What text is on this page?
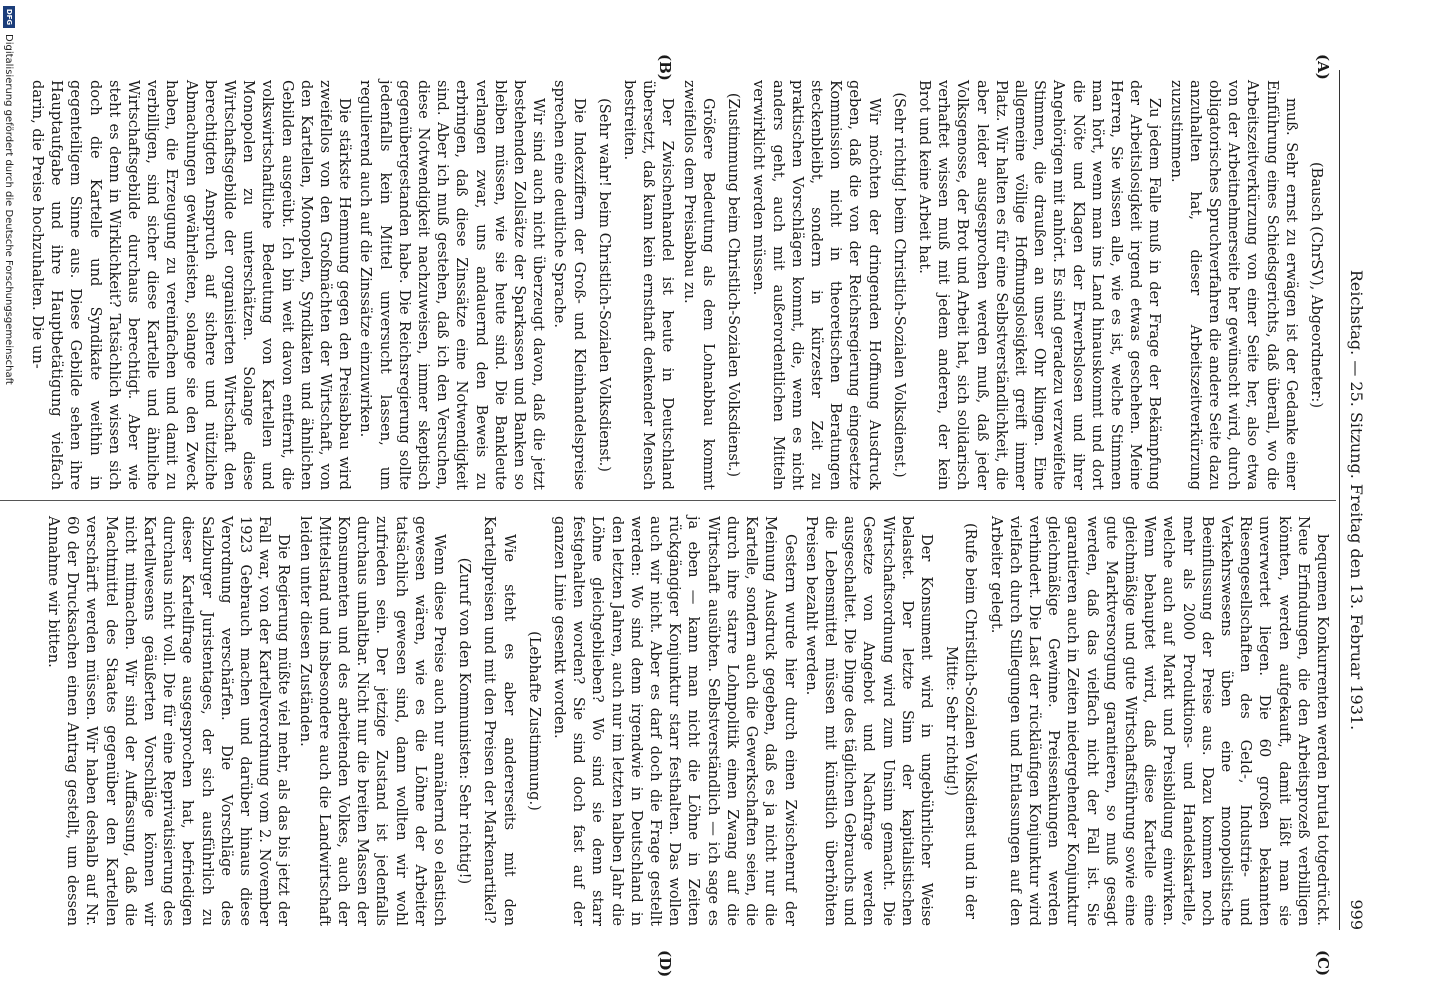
Reichstag. — 25. Sitzung. Freitag den 13. Februar 1931.
999
(A)
(B)
(C)
(D)

(Bausch (ChrSV), Abgeordneter:)

muß. Sehr ernst zu erwägen ist der Gedanke einer Einführung eines Schiedsgerichts, daß überall, wo die Arbeitszeitverkürzung von einer Seite her, also etwa von der Arbeitnehmerseite her gewünscht wird, durch obligatorisches Spruchverfahren die andere Seite dazu anzuhalten hat, dieser Arbeitszeitverkürzung zuzustimmen.

Zu jedem Falle muß in der Frage der Bekämpfung der Arbeitslosigkeit irgend etwas geschehen. Meine Herren, Sie wissen alle, wie es ist, welche Stimmen man hört, wenn man ins Land hinauskommt und dort die Nöte und Klagen der Erwerbslosen und ihrer Angehörigen mit anhört. Es sind geradezu verzweifelte Stimmen, die draußen an unser Ohr klingen. Eine allgemeine völlige Hoffnungslosigkeit greift immer Platz. Wir halten es für eine Selbstverständlichkeit, die aber leider ausgesprochen werden muß, daß jeder Volksgenosse, der Brot und Arbeit hat, sich solidarisch verhaftet wissen muß mit jedem anderen, der kein Brot und keine Arbeit hat.

(Sehr richtig! beim Christlich-Sozialen Volksdienst.)

Wir möchten der dringenden Hoffnung Ausdruck geben, daß die von der Reichsregierung eingesetzte Kommission nicht in theoretischen Beratungen steckenbleibt, sondern in kürzester Zeit zu praktischen Vorschlägen kommt, die, wenn es nicht anders geht, auch mit außerordentlichen Mitteln verwirklicht werden müssen.

(Zustimmung beim Christlich-Sozialen Volksdienst.)

Größere Bedeutung als dem Lohnabbau kommt zweifellos dem Preisabbau zu.

Der Zwischenhandel ist heute in Deutschland übersetzt, daß kann kein ernsthaft denkender Mensch bestreiten.

(Sehr wahr! beim Christlich-Sozialen Volksdienst.)

Die Indexziffern der Groß- und Kleinhandelspreise sprechen eine deutliche Sprache.

Wir sind auch nicht überzeugt davon, daß die jetzt bestehenden Zollsätze der Sparkassen und Banken so bleiben müssen, wie sie heute sind. Die Bankleute verlangen zwar, uns andauernd den Beweis zu erbringen, daß diese Zinssätze eine Notwendigkeit sind. Aber ich muß gestehen, daß ich den Versuchen, diese Notwendigkeit nachzuweisen, immer skeptisch gegenübergestanden habe. Die Reichsregierung sollte jedenfalls kein Mittel unversucht lassen, um regulierend auch auf die Zinssätze einzuwirken.

Die stärkste Hemmung gegen den Preisabbau wird zweifellos von den Großmächten der Wirtschaft, von den Kartellen, Monopolen, Syndikaten und ähnlichen Gebilden ausgeübt. Ich bin weit davon entfernt, die volkswirtschaftliche Bedeutung von Kartellen und Monopolen zu unterschätzen. Solange diese Wirtschaftsgebilde der organisierten Wirtschaft den berechtigten Anspruch auf sichere und nützliche Abmachungen gewährleisten, solange sie den Zweck haben, die Erzeugung zu vereinfachen und damit zu verbilligen, sind sicher diese Kartelle und ähnliche Wirtschaftsgebilde durchaus berechtigt. Aber wie steht es denn in Wirklichkeit? Tatsächlich wissen sich doch die Kartelle und Syndikate weithin in gegenteiligem Sinne aus. Diese Gebilde sehen ihre Hauptaufgabe und ihre Hauptbetätigung vielfach darin, die Preise hochzuhalten. Die un-

bequemen Konkurrenten werden brutal totgedrückt. Neue Erfindungen, die den Arbeitsprozeß verbilligen könnten, werden aufgekauft, damit läßt man sie unverwertet liegen. Die 60 großen bekannten Riesengesellschaften des Geld-, Industrie- und Verkehrswesens üben eine monopolistische Beeinflussung der Preise aus. Dazu kommen noch mehr als 2000 Produktions- und Handelskartelle, welche auch auf Markt und Preisbildung einwirken. Wenn behauptet wird, daß diese Kartelle eine gleichmäßige und gute Wirtschaftsführung sowie eine gute Marktversorgung garantieren, so muß gesagt werden, daß das vielfach nicht der Fall ist. Sie garantieren auch in Zeiten niedergehender Konjunktur gleichmäßige Gewinne. Preissenkungen werden verhindert. Die Last der rückläufigen Konjunktur wird vielfach durch Stillegungen und Entlassungen auf den Arbeiter gelegt.

(Rufe beim Christlich-Sozialen Volksdienst und in der Mitte: Sehr richtig!)

Der Konsument wird in ungebührlicher Weise belastet. Der letzte Sinn der kapitalistischen Wirtschaftsordnung wird zum Unsinn gemacht. Die Gesetze von Angebot und Nachfrage werden ausgeschaltet. Die Dinge des täglichen Gebrauchs und die Lebensmittel müssen mit künstlich überhöhten Preisen bezahlt werden.

Gestern wurde hier durch einen Zwischenruf der Meinung Ausdruck gegeben, daß es ja nicht nur die Kartelle, sondern auch die Gewerkschaften seien, die durch ihre starre Lohnpolitik einen Zwang auf die Wirtschaft ausübten. Selbstverständlich — ich sage es ja eben — kann man nicht die Löhne in Zeiten rückgängiger Konjunktur starr festhalten. Das wollen auch wir nicht. Aber es darf doch die Frage gestellt werden: Wo sind denn irgendwie in Deutschland in den letzten Jahren, auch nur im letzten halben Jahr die Löhne gleichgeblieben? Wo sind sie denn starr festgehalten worden? Sie sind doch fast auf der ganzen Linie gesenkt worden.

(Lebhafte Zustimmung.)

Wie steht es aber andererseits mit den Kartellpreisen und mit den Preisen der Markenartikel?

(Zuruf von den Kommunisten: Sehr richtig!)

Wenn diese Preise auch nur annähernd so elastisch gewesen wären, wie es die Löhne der Arbeiter tatsächlich gewesen sind, dann wollten wir wohl zufrieden sein. Der jetzige Zustand ist jedenfalls durchaus unhaltbar. Nicht nur die breiten Massen der Konsumenten und des arbeitenden Volkes, auch der Mittelstand und insbesondere auch die Landwirtschaft leiden unter diesen Zuständen.

Die Regierung müßte viel mehr, als das bis jetzt der Fall war, von der Kartellverordnung vom 2. November 1923 Gebrauch machen und darüber hinaus diese Verordnung verschärfen. Die Vorschläge des Salzburger Juristentages, der sich ausführlich zu dieser Kartellfrage ausgesprochen hat, befriedigen durchaus nicht voll. Die für eine Reprivatisierung des Kartellwesens geäußerten Vorschläge können wir nicht mitmachen. Wir sind der Auffassung, daß die Machtmittel des Staates gegenüber den Kartellen verschärft werden müssen. Wir haben deshalb auf Nr. 60 der Drucksachen einen Antrag gestellt, um dessen Annahme wir bitten.

DFG
Digitalisierung gefördert durch die Deutsche Forschungsgemeinschaft
